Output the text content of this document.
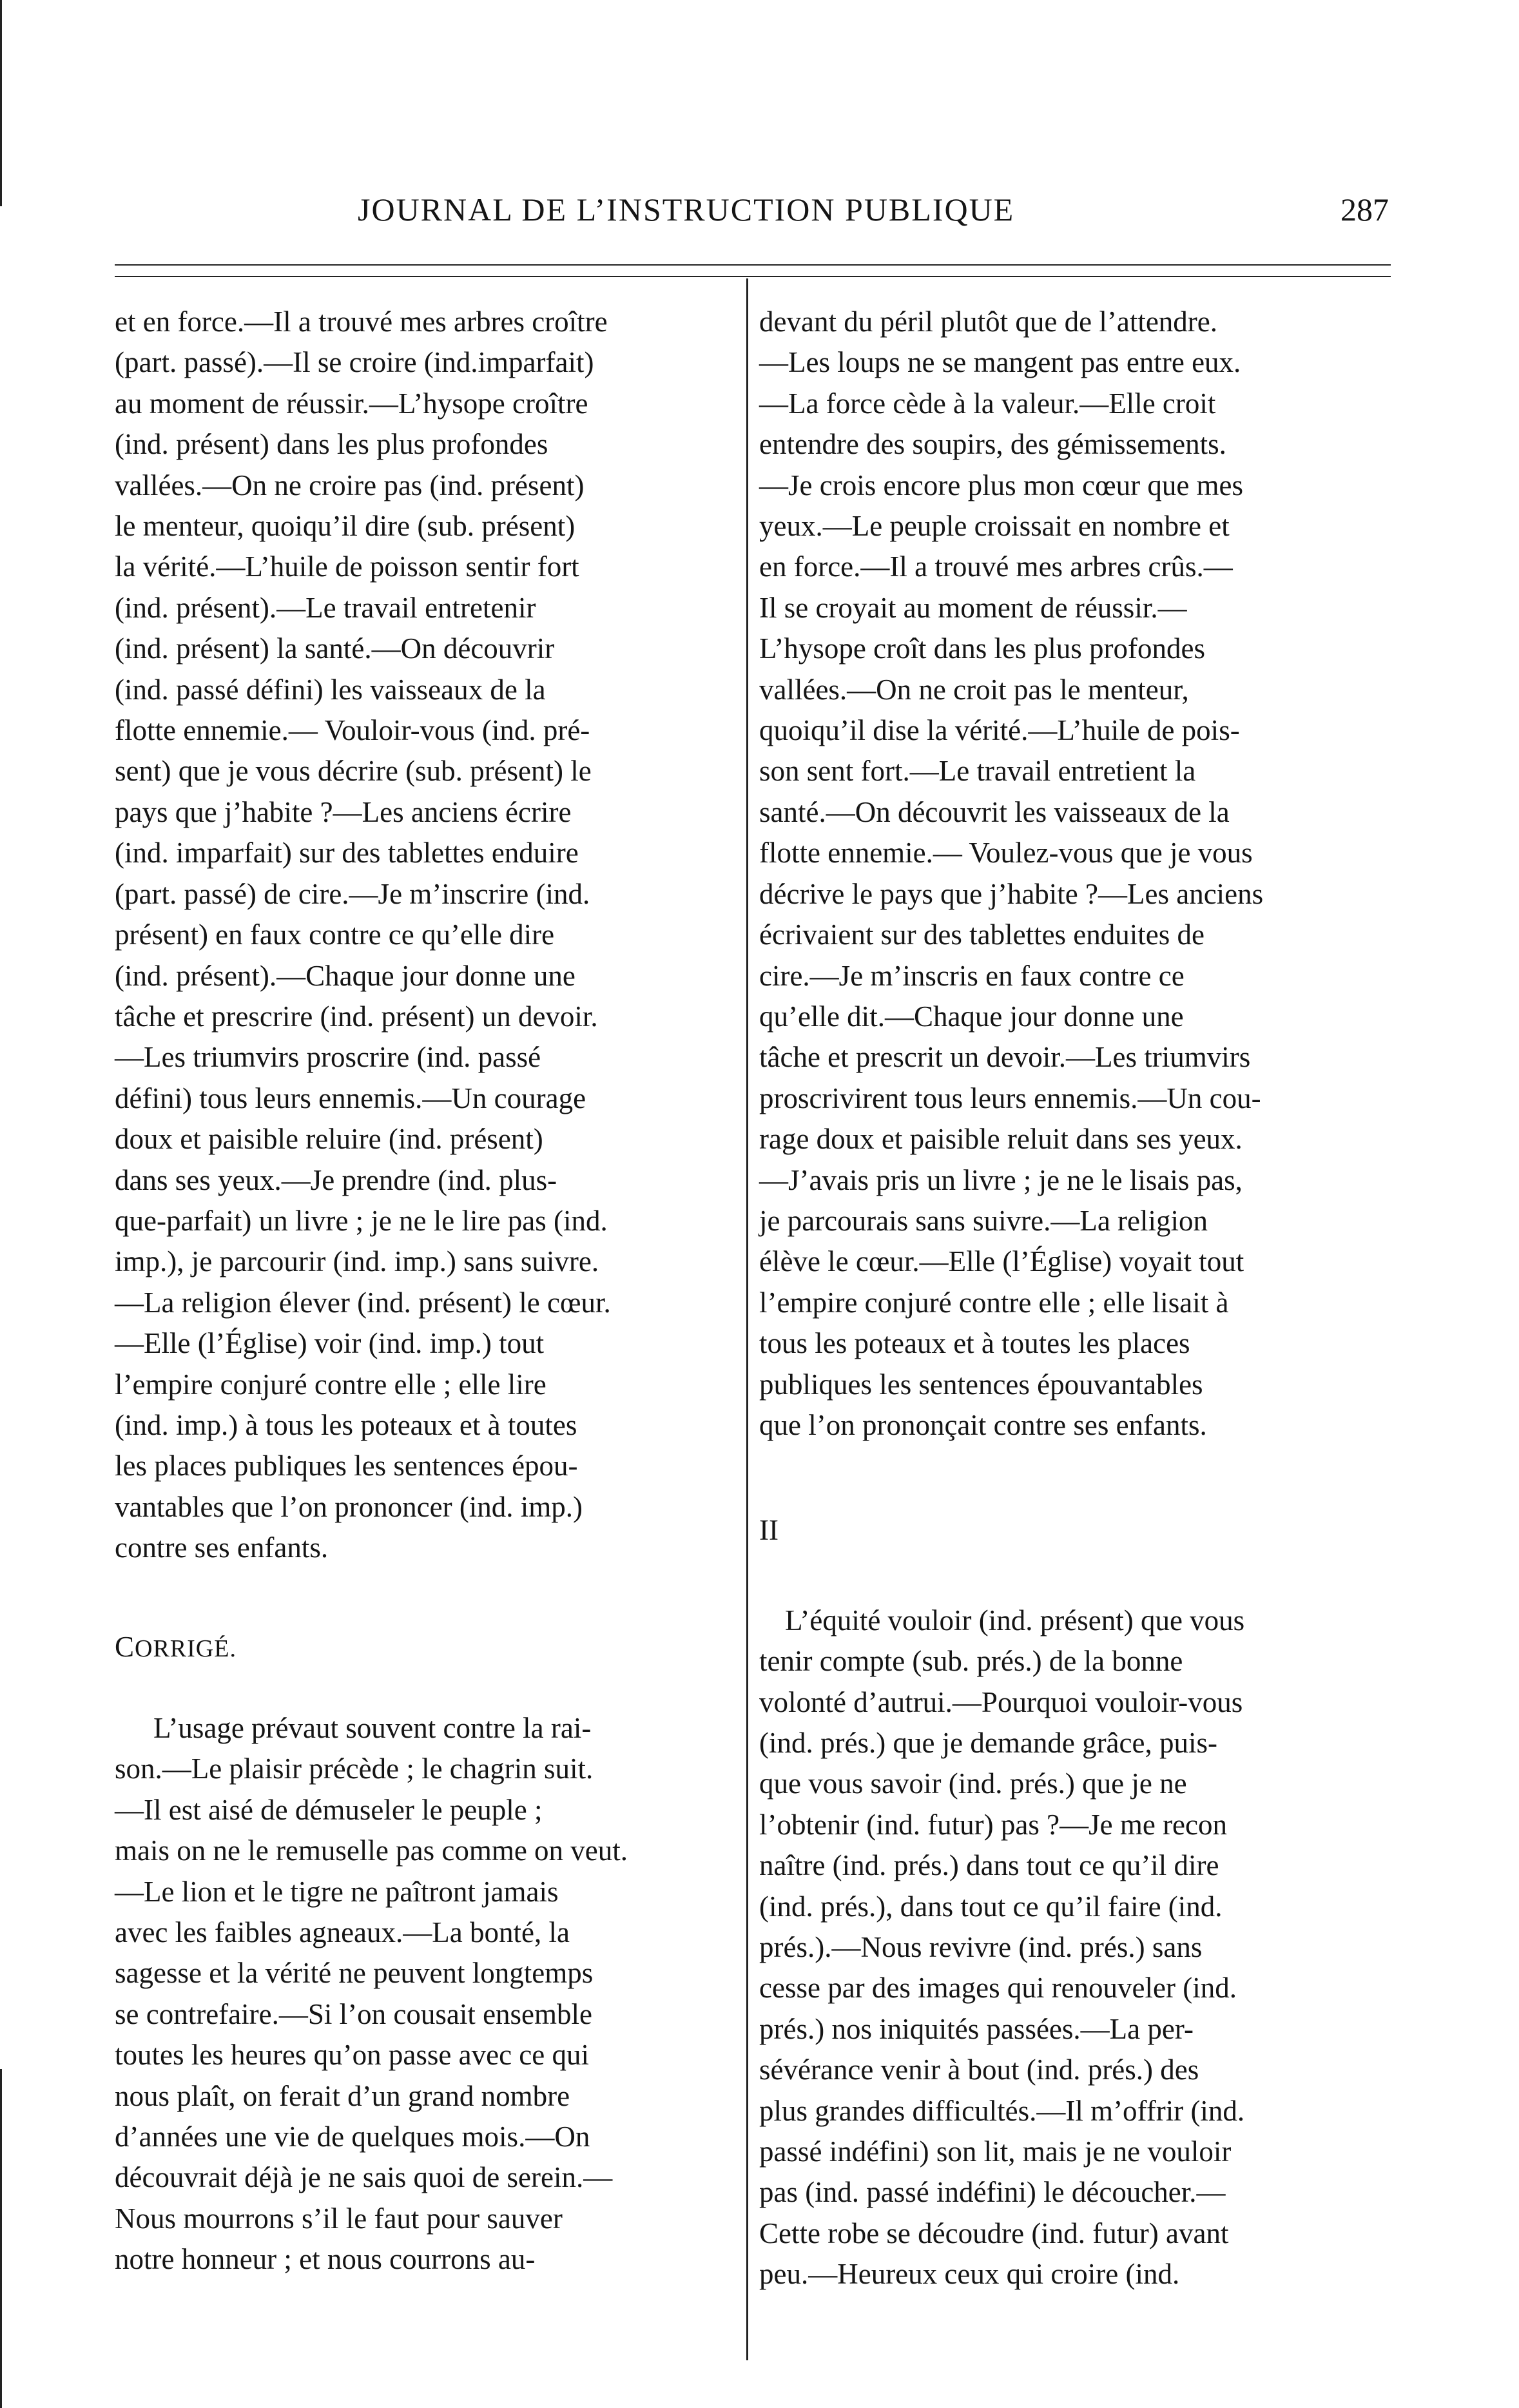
JOURNAL DE L’INSTRUCTION PUBLIQUE	287

et en force.—Il a trouvé mes arbres croître
(part. passé).—Il se croire (ind.imparfait)
au moment de réussir.—L’hysope croître
(ind. présent) dans les plus profondes
vallées.—On ne croire pas (ind. présent)
le menteur, quoiqu’il dire (sub. présent)
la vérité.—L’huile de poisson sentir fort
(ind. présent).—Le travail entretenir
(ind. présent) la santé.—On découvrir
(ind. passé défini) les vaisseaux de la
flotte ennemie.— Vouloir-vous (ind. pré-
sent) que je vous décrire (sub. présent) le
pays que j’habite ?—Les anciens écrire
(ind. imparfait) sur des tablettes enduire
(part. passé) de cire.—Je m’inscrire (ind.
présent) en faux contre ce qu’elle dire
(ind. présent).—Chaque jour donne une
tâche et prescrire (ind. présent) un devoir.
—Les triumvirs proscrire (ind. passé
défini) tous leurs ennemis.—Un courage
doux et paisible reluire (ind. présent)
dans ses yeux.—Je prendre (ind. plus-
que-parfait) un livre ; je ne le lire pas (ind.
imp.), je parcourir (ind. imp.) sans suivre.
—La religion élever (ind. présent) le cœur.
—Elle (l’Église) voir (ind. imp.) tout
l’empire conjuré contre elle ; elle lire
(ind. imp.) à tous les poteaux et à toutes
les places publiques les sentences épou-
vantables que l’on prononcer (ind. imp.)
contre ses enfants.

CORRIGÉ.

L’usage prévaut souvent contre la rai-
son.—Le plaisir précède ; le chagrin suit.
—Il est aisé de démuseler le peuple ;
mais on ne le remuselle pas comme on veut.
—Le lion et le tigre ne paîtront jamais
avec les faibles agneaux.—La bonté, la
sagesse et la vérité ne peuvent longtemps
se contrefaire.—Si l’on cousait ensemble
toutes les heures qu’on passe avec ce qui
nous plaît, on ferait d’un grand nombre
d’années une vie de quelques mois.—On
découvrait déjà je ne sais quoi de serein.—
Nous mourrons s’il le faut pour sauver
notre honneur ; et nous courrons au-

devant du péril plutôt que de l’attendre.
—Les loups ne se mangent pas entre eux.
—La force cède à la valeur.—Elle croit
entendre des soupirs, des gémissements.
—Je crois encore plus mon cœur que mes
yeux.—Le peuple croissait en nombre et
en force.—Il a trouvé mes arbres crûs.—
Il se croyait au moment de réussir.—
L’hysope croît dans les plus profondes
vallées.—On ne croit pas le menteur,
quoiqu’il dise la vérité.—L’huile de pois-
son sent fort.—Le travail entretient la
santé.—On découvrit les vaisseaux de la
flotte ennemie.— Voulez-vous que je vous
décrive le pays que j’habite ?—Les anciens
écrivaient sur des tablettes enduites de
cire.—Je m’inscris en faux contre ce
qu’elle dit.—Chaque jour donne une
tâche et prescrit un devoir.—Les triumvirs
proscrivirent tous leurs ennemis.—Un cou-
rage doux et paisible reluit dans ses yeux.
—J’avais pris un livre ; je ne le lisais pas,
je parcourais sans suivre.—La religion
élève le cœur.—Elle (l’Église) voyait tout
l’empire conjuré contre elle ; elle lisait à
tous les poteaux et à toutes les places
publiques les sentences épouvantables
que l’on prononçait contre ses enfants.

II

L’équité vouloir (ind. présent) que vous
tenir compte (sub. prés.) de la bonne
volonté d’autrui.—Pourquoi vouloir-vous
(ind. prés.) que je demande grâce, puis-
que vous savoir (ind. prés.) que je ne
l’obtenir (ind. futur) pas ?—Je me recon
naître (ind. prés.) dans tout ce qu’il dire
(ind. prés.), dans tout ce qu’il faire (ind.
prés.).—Nous revivre (ind. prés.) sans
cesse par des images qui renouveler (ind.
prés.) nos iniquités passées.—La per-
sévérance venir à bout (ind. prés.) des
plus grandes difficultés.—Il m’offrir (ind.
passé indéfini) son lit, mais je ne vouloir
pas (ind. passé indéfini) le découcher.—
Cette robe se découdre (ind. futur) avant
peu.—Heureux ceux qui croire (ind.
